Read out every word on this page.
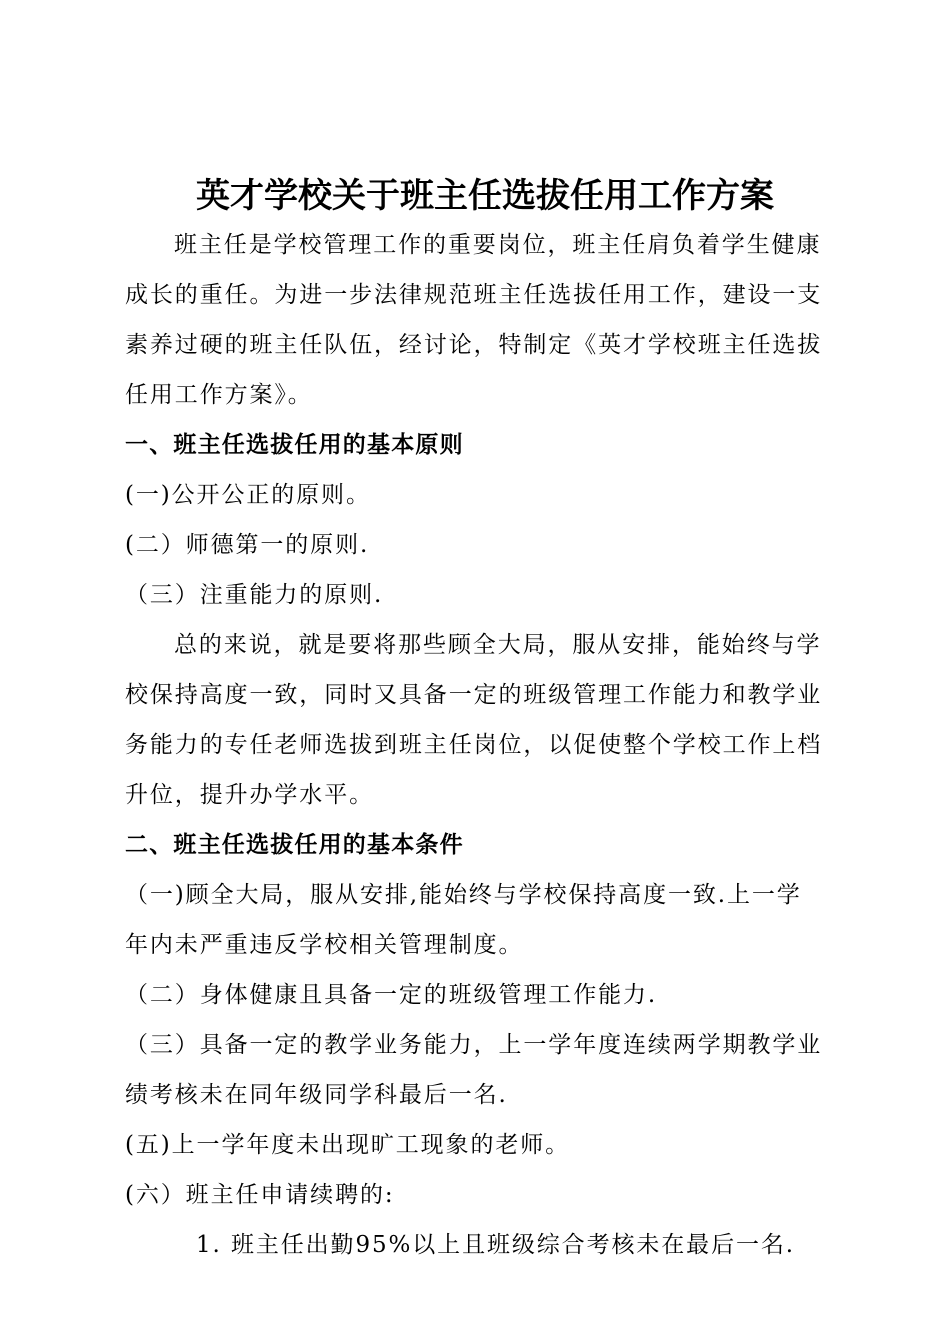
英才学校关于班主任选拔任用工作方案
班主任是学校管理工作的重要岗位，班主任肩负着学生健康
成长的重任。为进一步法律规范班主任选拔任用工作，建设一支
素养过硬的班主任队伍，经讨论，特制定《英才学校班主任选拔
任用工作方案》。
一、班主任选拔任用的基本原则
(一)公开公正的原则。
(二）师德第一的原则.
（三）注重能力的原则.
总的来说，就是要将那些顾全大局，服从安排，能始终与学
校保持高度一致，同时又具备一定的班级管理工作能力和教学业
务能力的专任老师选拔到班主任岗位，以促使整个学校工作上档
升位，提升办学水平。
二、班主任选拔任用的基本条件
（一)顾全大局，服从安排,能始终与学校保持高度一致.上一学
年内未严重违反学校相关管理制度。
（二）身体健康且具备一定的班级管理工作能力.
（三）具备一定的教学业务能力，上一学年度连续两学期教学业
绩考核未在同年级同学科最后一名.
(五)上一学年度未出现旷工现象的老师。
(六）班主任申请续聘的:
1. 班主任出勤95%以上且班级综合考核未在最后一名.
